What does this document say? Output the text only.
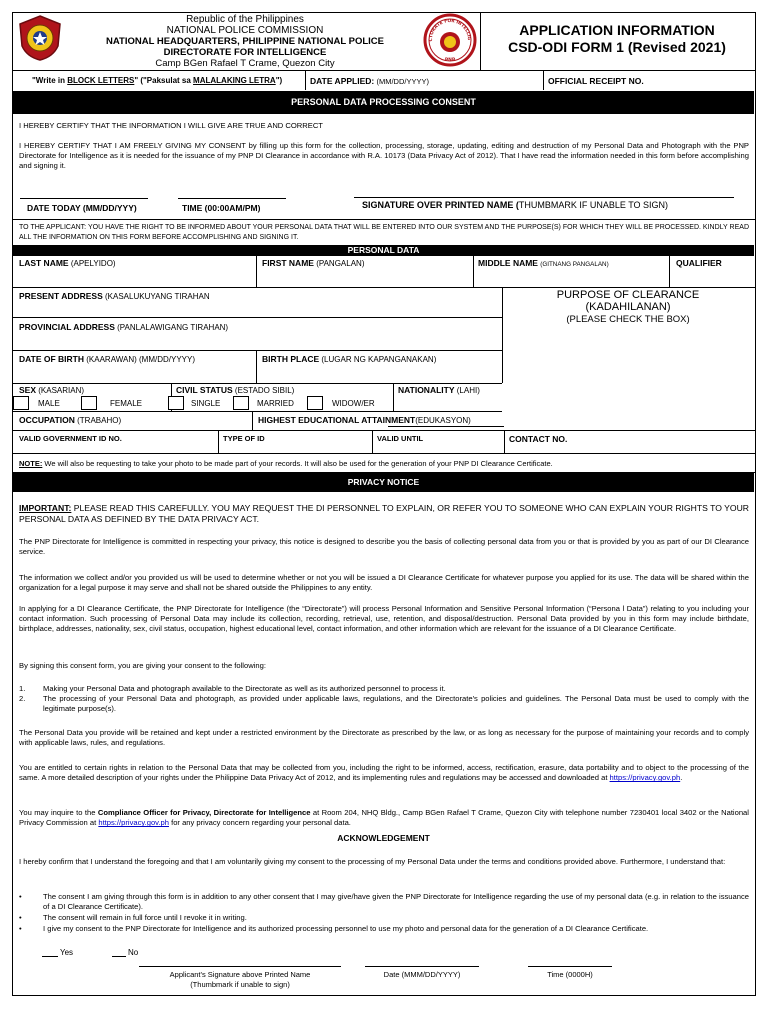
Republic of the Philippines
NATIONAL POLICE COMMISSION
NATIONAL HEADQUARTERS, PHILIPPINE NATIONAL POLICE
DIRECTORATE FOR INTELLIGENCE
Camp BGen Rafael T Crame, Quezon City
CTORATE FOR INTELLIG
PNP
APPLICATION INFORMATION
CSD-ODI FORM 1 (Revised 2021)
"Write in BLOCK LETTERS" ("Paksulat sa MALALAKING LETRA")	DATE APPLIED: (MM/DD/YYYY)	OFFICIAL RECEIPT NO.
PERSONAL DATA PROCESSING CONSENT
I HEREBY CERTIFY THAT THE INFORMATION I WILL GIVE ARE TRUE AND CORRECT
I HEREBY CERTIFY THAT I AM FREELY GIVING MY CONSENT by filling up this form for the collection, processing, storage, updating, editing and destruction of my Personal Data and Photograph with the PNP Directorate for Intelligence as it is needed for the issuance of my PNP DI Clearance in accordance with R.A. 10173 (Data Privacy Act of 2012). That I have read the information needed in this form before accomplishing and signing it.
DATE TODAY (MM/DD/YYY)	TIME (00:00AM/PM)	SIGNATURE OVER PRINTED NAME (THUMBMARK IF UNABLE TO SIGN)
TO THE APPLICANT: YOU HAVE THE RIGHT TO BE INFORMED ABOUT YOUR PERSONAL DATA THAT WILL BE ENTERED INTO OUR SYSTEM AND THE PURPOSE(S) FOR WHICH THEY WILL BE PROCESSED. KINDLY READ ALL THE INFORMATION ON THIS FORM BEFORE ACCOMPLISHING AND SIGNING IT.
PERSONAL DATA
LAST NAME (APELYIDO)	FIRST NAME (PANGALAN)	MIDDLE NAME (GITNANG PANGALAN)	QUALIFIER
PRESENT ADDRESS (KASALUKUYANG TIRAHAN
PROVINCIAL ADDRESS (PANLALAWIGANG TIRAHAN)
PURPOSE OF CLEARANCE
(KADAHILANAN)
(PLEASE CHECK THE BOX)
DATE OF BIRTH (KAARAWAN) (MM/DD/YYYY)	BIRTH PLACE (LUGAR NG KAPANGANAKAN)
SEX (KASARIAN)	CIVIL STATUS (ESTADO SIBIL)	NATIONALITY (LAHI)
MALE	FEMALE	SINGLE	MARRIED	WIDOW/ER
OCCUPATION (TRABAHO)	HIGHEST EDUCATIONAL ATTAINMENT(EDUKASYON)
VALID GOVERNMENT ID NO.	TYPE OF ID	VALID UNTIL	CONTACT NO.
NOTE: We will also be requesting to take your photo to be made part of your records. It will also be used for the generation of your PNP DI Clearance Certificate.
PRIVACY NOTICE
IMPORTANT: PLEASE READ THIS CAREFULLY. YOU MAY REQUEST THE DI PERSONNEL TO EXPLAIN, OR REFER YOU TO SOMEONE WHO CAN EXPLAIN YOUR RIGHTS TO YOUR PERSONAL DATA AS DEFINED BY THE DATA PRIVACY ACT.
The PNP Directorate for Intelligence is committed in respecting your privacy, this notice is designed to describe you the basis of collecting personal data from you or that is provided by you as part of our DI Clearance service.
The information we collect and/or you provided us will be used to determine whether or not you will be issued a DI Clearance Certificate for whatever purpose you applied for its use. The data will be shared within the organization for a legal purpose it may serve and shall not be shared outside the Philippines to any entity.
In applying for a DI Clearance Certificate, the PNP Directorate for Intelligence (the “Directorate”) will process Personal Information and Sensitive Personal Information (“Persona l Data”) relating to you including your contact information. Such processing of Personal Data may include its collection, recording, retrieval, use, retention, and disposal/destruction. Personal Data provided by you in this form may include birthdate, birthplace, addresses, nationality, sex, civil status, occupation, highest educational level, contact information, and other information which are relevant for the issuance of a DI Clearance Certificate.
By signing this consent form, you are giving your consent to the following:
1. Making your Personal Data and photograph available to the Directorate as well as its authorized personnel to process it.
2. The processing of your Personal Data and photograph, as provided under applicable laws, regulations, and the Directorate's policies and guidelines. The Personal Data must be used to comply with the legitimate purpose(s).
The Personal Data you provide will be retained and kept under a restricted environment by the Directorate as prescribed by the law, or as long as necessary for the purpose of maintaining your records and to comply with applicable laws, rules, and regulations.
You are entitled to certain rights in relation to the Personal Data that may be collected from you, including the right to be informed, access, rectification, erasure, data portability and to object to the processing of the same. A more detailed description of your rights under the Philippine Data Privacy Act of 2012, and its implementing rules and regulations may be accessed and downloaded at https://privacy.gov.ph.
You may inquire to the Compliance Officer for Privacy, Directorate for Intelligence at Room 204, NHQ Bldg., Camp BGen Rafael T Crame, Quezon City with telephone number 7230401 local 3402 or the National Privacy Commission at https://privacy.gov.ph for any privacy concern regarding your personal data.
ACKNOWLEDGEMENT
I hereby confirm that I understand the foregoing and that I am voluntarily giving my consent to the processing of my Personal Data under the terms and conditions provided above. Furthermore, I understand that:
•	The consent I am giving through this form is in addition to any other consent that I may give/have given the PNP Directorate for Intelligence regarding the use of my personal data (e.g. in relation to the issuance of a DI Clearance Certificate).
•	The consent will remain in full force until I revoke it in writing.
•	I give my consent to the PNP Directorate for Intelligence and its authorized processing personnel to use my photo and personal data for the generation of a DI Clearance Certificate.
Yes	No
Applicant's Signature above Printed Name
(Thumbmark if unable to sign)
Date (MMM/DD/YYYY)	Time (0000H)
